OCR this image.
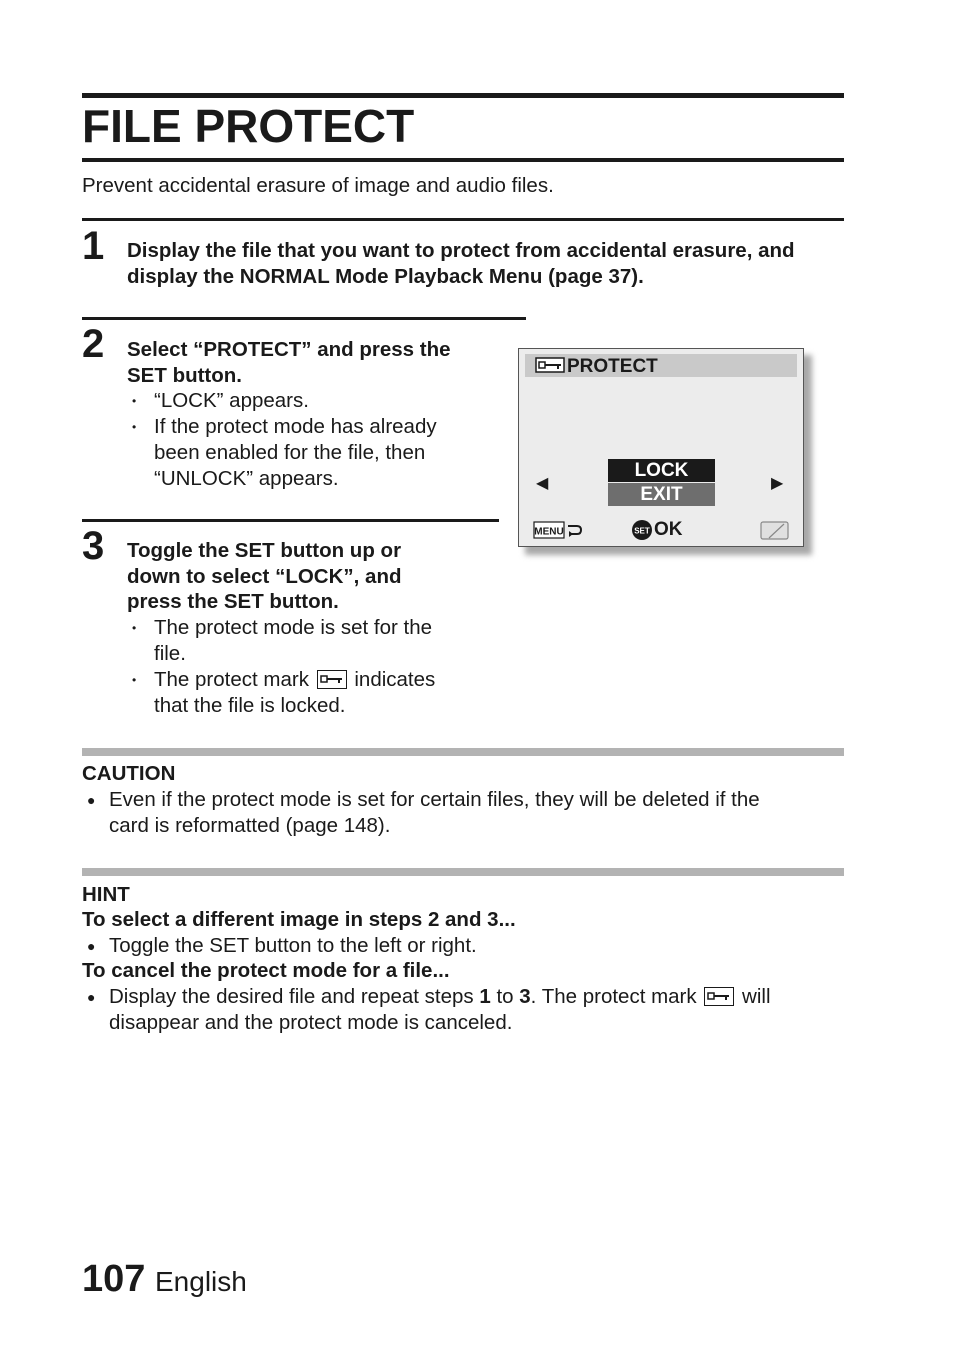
FILE PROTECT
Prevent accidental erasure of image and audio files.
1 Display the file that you want to protect from accidental erasure, and
display the NORMAL Mode Playback Menu (page 37).
2 Select “PROTECT” and press the
SET button.
• “LOCK” appears.
• If the protect mode has already
been enabled for the file, then
“UNLOCK” appears.
3 Toggle the SET button up or
down to select “LOCK”, and
press the SET button.
• The protect mode is set for the
file.
• The protect mark indicates
that the file is locked.
PROTECT
◀
LOCK
EXIT
▶
MENU	SET OK
CAUTION
● Even if the protect mode is set for certain files, they will be deleted if the
card is reformatted (page 148).
HINT
To select a different image in steps 2 and 3...
● Toggle the SET button to the left or right.
To cancel the protect mode for a file...
● Display the desired file and repeat steps 1 to 3. The protect mark
will
disappear and the protect mode is canceled.
107 English
